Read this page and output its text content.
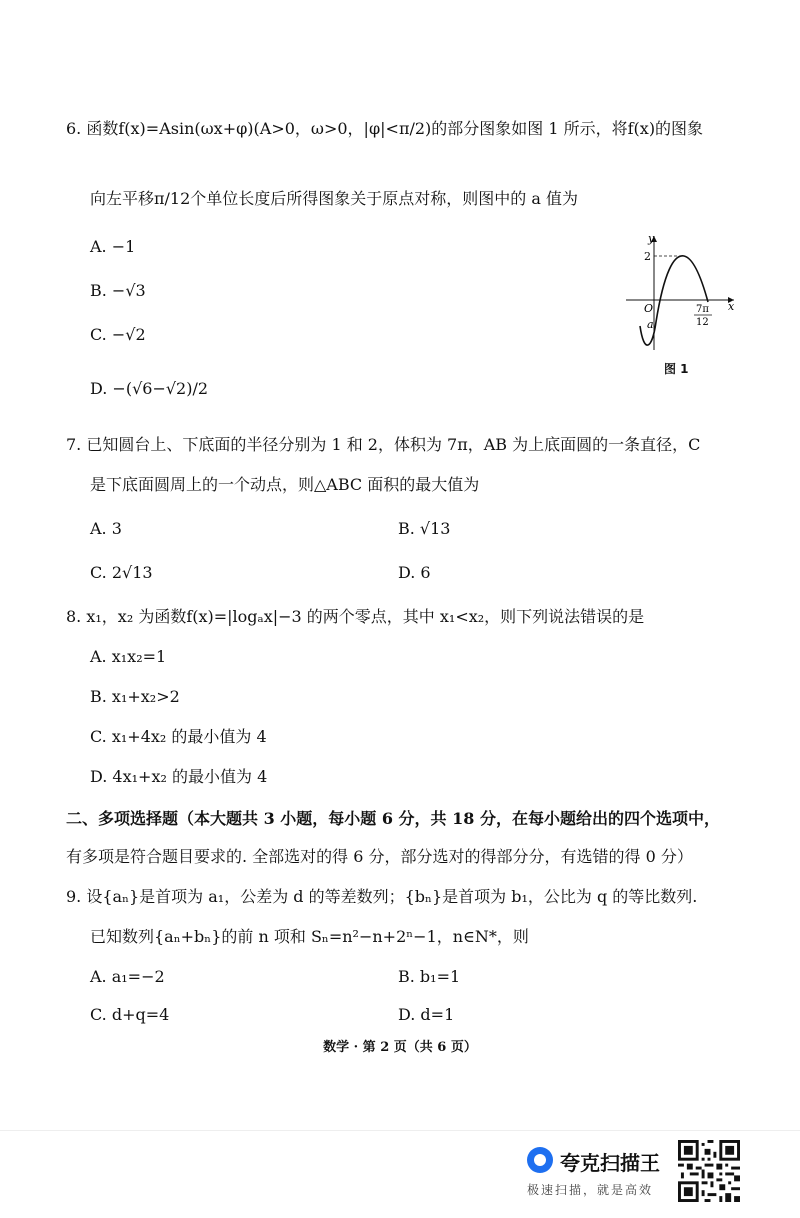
6. 函数f(x)=Asin(ωx+φ)(A>0，ω>0，|φ|<π/2)的部分图象如图 1 所示，将f(x)的图象
向左平移π/12个单位长度后所得图象关于原点对称，则图中的 a 值为
A. −1
B. −√3
C. −√2
D. −(√6−√2)/2
y
x
2
O
a
7π
12
图 1
7. 已知圆台上、下底面的半径分别为 1 和 2，体积为 7π，AB 为上底面圆的一条直径，C
是下底面圆周上的一个动点，则△ABC 面积的最大值为
A. 3	B. √13
C. 2√13	D. 6
8. x₁，x₂ 为函数f(x)=|logₐx|−3 的两个零点，其中 x₁<x₂，则下列说法错误的是
A. x₁x₂=1
B. x₁+x₂>2
C. x₁+4x₂ 的最小值为 4
D. 4x₁+x₂ 的最小值为 4
二、多项选择题（本大题共 3 小题，每小题 6 分，共 18 分，在每小题给出的四个选项中，
有多项是符合题目要求的. 全部选对的得 6 分，部分选对的得部分分，有选错的得 0 分）
9. 设{aₙ}是首项为 a₁，公差为 d 的等差数列；{bₙ}是首项为 b₁，公比为 q 的等比数列.
已知数列{aₙ+bₙ}的前 n 项和 Sₙ=n²−n+2ⁿ−1，n∈N*，则
A. a₁=−2	B. b₁=1
C. d+q=4	D. d=1
数学 · 第 2 页（共 6 页）
夸克扫描王
极速扫描，就是高效
